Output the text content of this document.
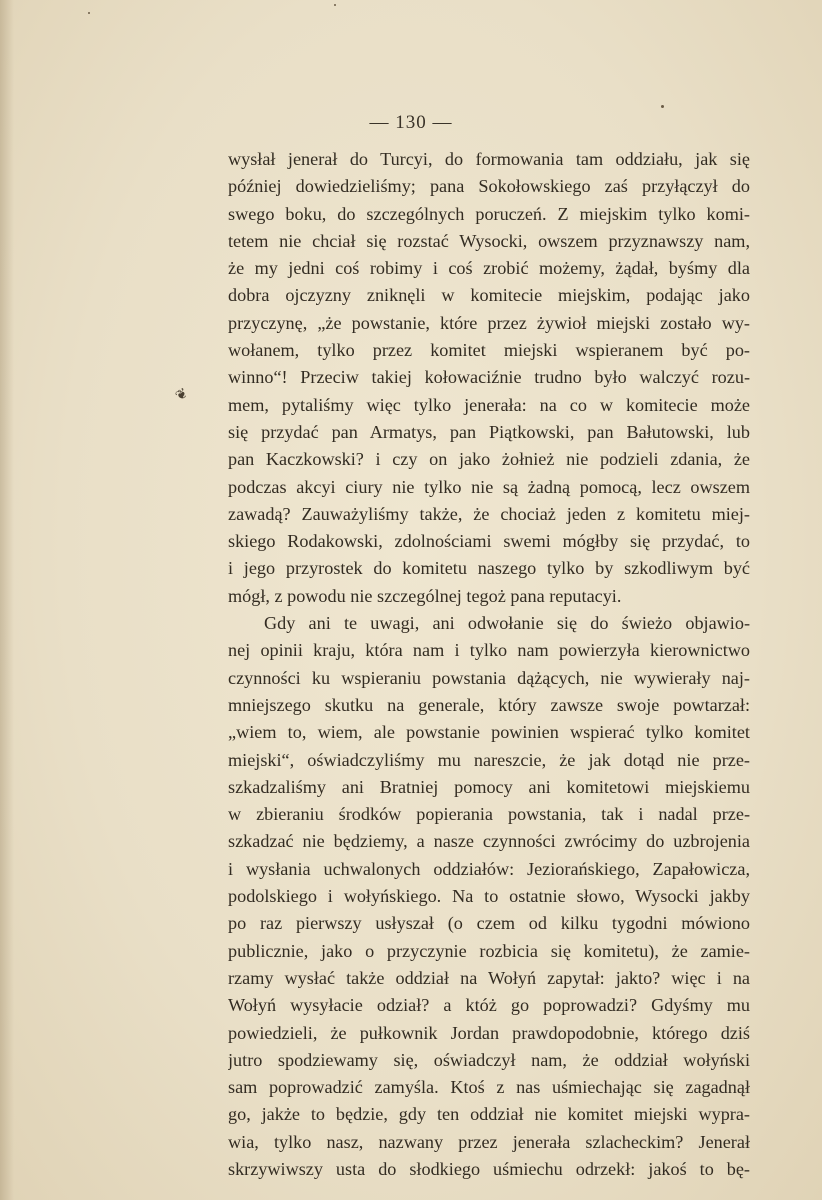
— 130 —
❦
wysłał jenerał do Turcyi, do formowania tam oddziału, jak się
później dowiedzieliśmy; pana Sokołowskiego zaś przyłączył do
swego boku, do szczególnych poruczeń. Z miejskim tylko komi-
tetem nie chciał się rozstać Wysocki, owszem przyznawszy nam,
że my jedni coś robimy i coś zrobić możemy, żądał, byśmy dla
dobra ojczyzny zniknęli w komitecie miejskim, podając jako
przyczynę, „że powstanie, które przez żywioł miejski zostało wy-
wołanem, tylko przez komitet miejski wspieranem być po-
winno“! Przeciw takiej kołowaciźnie trudno było walczyć rozu-
mem, pytaliśmy więc tylko jenerała: na co w komitecie może
się przydać pan Armatys, pan Piątkowski, pan Bałutowski, lub
pan Kaczkowski? i czy on jako żołnież nie podzieli zdania, że
podczas akcyi ciury nie tylko nie są żadną pomocą, lecz owszem
zawadą? Zauważyliśmy także, że chociaż jeden z komitetu miej-
skiego Rodakowski, zdolnościami swemi mógłby się przydać, to
i jego przyrostek do komitetu naszego tylko by szkodliwym być
mógł, z powodu nie szczególnej tegoż pana reputacyi.
Gdy ani te uwagi, ani odwołanie się do świeżo objawio-
nej opinii kraju, która nam i tylko nam powierzyła kierownictwo
czynności ku wspieraniu powstania dążących, nie wywierały naj-
mniejszego skutku na generale, który zawsze swoje powtarzał:
„wiem to, wiem, ale powstanie powinien wspierać tylko komitet
miejski“, oświadczyliśmy mu nareszcie, że jak dotąd nie prze-
szkadzaliśmy ani Bratniej pomocy ani komitetowi miejskiemu
w zbieraniu środków popierania powstania, tak i nadal prze-
szkadzać nie będziemy, a nasze czynności zwrócimy do uzbrojenia
i wysłania uchwalonych oddziałów: Jeziorańskiego, Zapałowicza,
podolskiego i wołyńskiego. Na to ostatnie słowo, Wysocki jakby
po raz pierwszy usłyszał (o czem od kilku tygodni mówiono
publicznie, jako o przyczynie rozbicia się komitetu), że zamie-
rzamy wysłać także oddział na Wołyń zapytał: jakto? więc i na
Wołyń wysyłacie odział? a któż go poprowadzi? Gdyśmy mu
powiedzieli, że pułkownik Jordan prawdopodobnie, którego dziś
jutro spodziewamy się, oświadczył nam, że oddział wołyński
sam poprowadzić zamyśla. Ktoś z nas uśmiechając się zagadnął
go, jakże to będzie, gdy ten oddział nie komitet miejski wypra-
wia, tylko nasz, nazwany przez jenerała szlacheckim? Jenerał
skrzywiwszy usta do słodkiego uśmiechu odrzekł: jakoś to bę-
